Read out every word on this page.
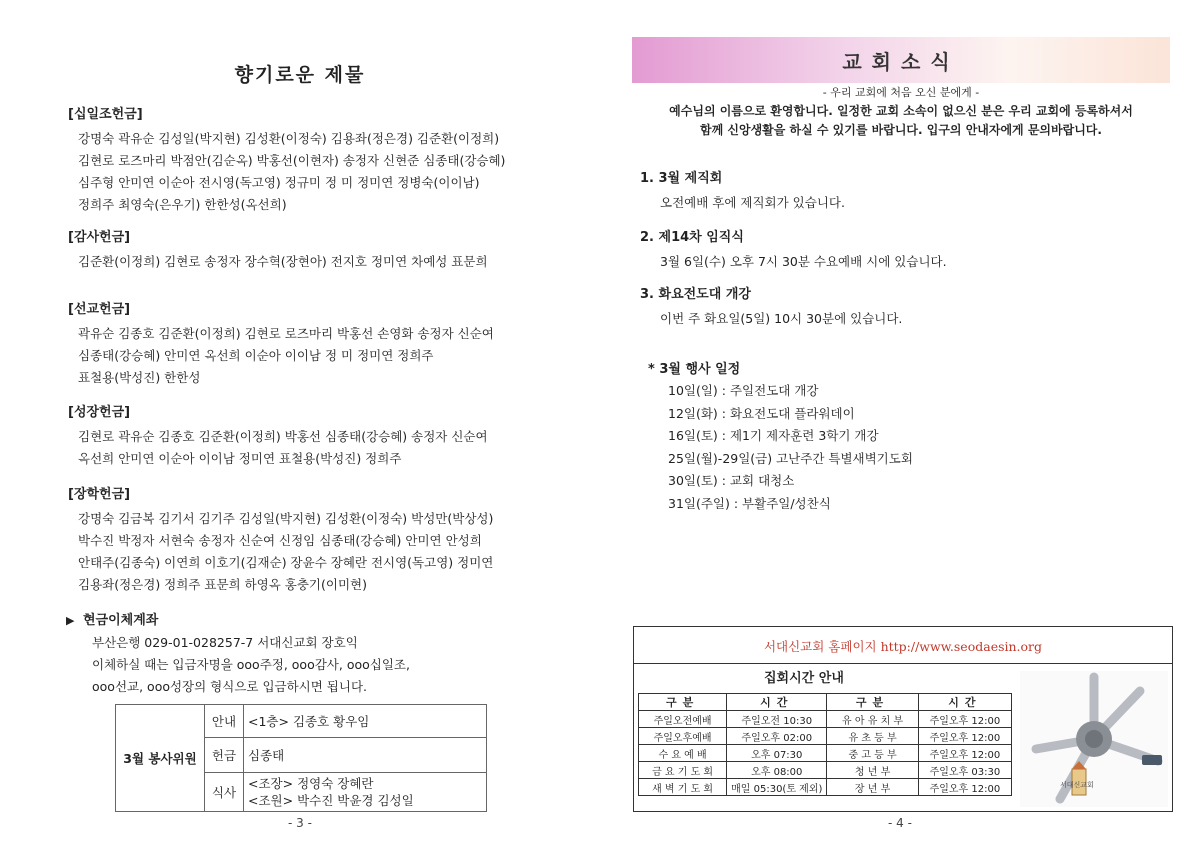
향기로운 제물
[십일조헌금]
강명숙 곽유순 김성일(박지현) 김성환(이정숙) 김용좌(정은경) 김준환(이정희)
김현로 로즈마리 박점안(김순옥) 박홍선(이현자) 송정자 신현준 심종태(강승혜)
심주형 안미연 이순아 전시영(독고영) 정규미 정 미 정미연 정병숙(이이남)
정희주 최영숙(은우기) 한한성(옥선희)
[감사헌금]
김준환(이정희) 김현로 송정자 장수혁(장현아) 전지호 정미연 차예성 표문희
[선교헌금]
곽유순 김종호 김준환(이정희) 김현로 로즈마리 박홍선 손영화 송정자 신순여
심종태(강승혜) 안미연 옥선희 이순아 이이남 정 미 정미연 정희주
표철용(박성진) 한한성
[성장헌금]
김현로 곽유순 김종호 김준환(이정희) 박홍선 심종태(강승혜) 송정자 신순여
옥선희 안미연 이순아 이이남 정미연 표철용(박성진) 정희주
[장학헌금]
강명숙 김금복 김기서 김기주 김성일(박지현) 김성환(이정숙) 박성만(박상성)
박수진 박정자 서현숙 송정자 신순여 신정임 심종태(강승혜) 안미연 안성희
안태주(김종숙) 이연희 이호기(김재순) 장윤수 장혜란 전시영(독고영) 정미연
김용좌(정은경) 정희주 표문희 하영옥 홍충기(이미현)
▶ 현금이체계좌
부산은행 029-01-028257-7 서대신교회 장호익
이체하실 때는 입금자명을 ooo주정, ooo감사, ooo십일조,
ooo선교, ooo성장의 형식으로 입금하시면 됩니다.
3월 봉사위원	안내	<1층> 김종호 황우임
	헌금	심종태
	식사	<조장> 정영숙 장혜란
<조원> 박수진 박윤경 김성일
- 3 -
교회소식
- 우리 교회에 처음 오신 분에게 -
예수님의 이름으로 환영합니다. 일정한 교회 소속이 없으신 분은 우리 교회에 등록하셔서
함께 신앙생활을 하실 수 있기를 바랍니다. 입구의 안내자에게 문의바랍니다.
1. 3월 제직회
오전예배 후에 제직회가 있습니다.
2. 제14차 임직식
3월 6일(수) 오후 7시 30분 수요예배 시에 있습니다.
3. 화요전도대 개강
이번 주 화요일(5일) 10시 30분에 있습니다.
* 3월 행사 일정
10일(일) : 주일전도대 개강
12일(화) : 화요전도대 플라워데이
16일(토) : 제1기 제자훈련 3학기 개강
25일(월)-29일(금) 고난주간 특별새벽기도회
30일(토) : 교회 대청소
31일(주일) : 부활주일/성찬식
서대신교회 홈페이지 http://www.seodaesin.org
집회시간 안내
구분	시간	구분	시간
주일오전예배	주일오전 10:30	유 아 유 치 부	주일오후 12:00
주일오후예배	주일오후 02:00	유 초 등 부	주일오후 12:00
수 요 예 배	오후 07:30	중 고 등 부	주일오후 12:00
금 요 기 도 회	오후 08:00	청 년 부	주일오후 03:30
새 벽 기 도 회	매일 05:30(토 제외)	장 년 부	주일오후 12:00	서대신교회
- 4 -
